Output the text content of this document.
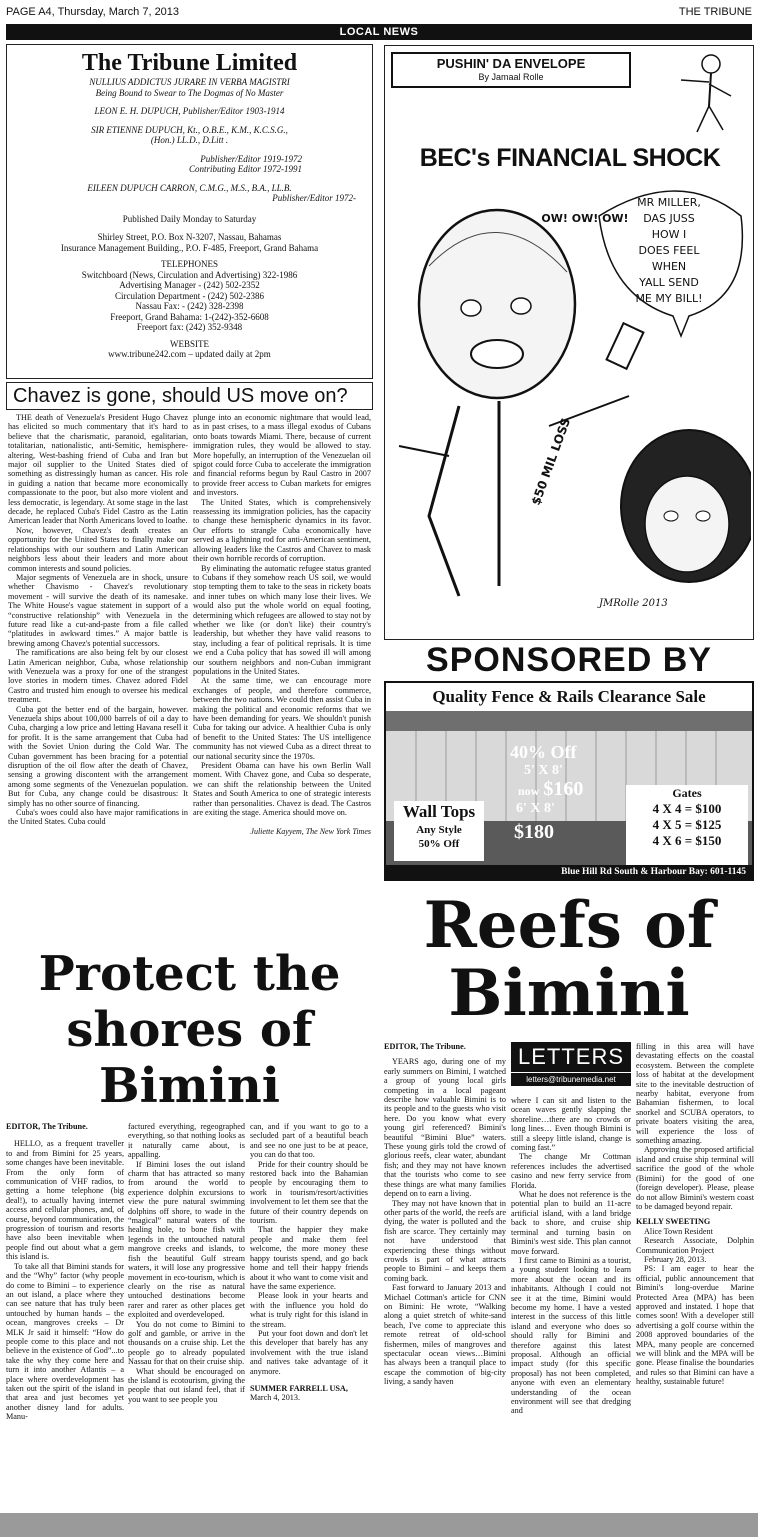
PAGE A4, Thursday, March 7, 2013	THE TRIBUNE
LOCAL NEWS
The Tribune Limited

NULLIUS ADDICTUS JURARE IN VERBA MAGISTRI

Being Bound to Swear to The Dogmas of No Master

LEON E. H. DUPUCH, Publisher/Editor 1903-1914

SIR ETIENNE DUPUCH, Kt., O.B.E., K.M., K.C.S.G.,

(Hon.) LL.D., D.Litt .

Publisher/Editor 1919-1972

Contributing Editor 1972-1991

EILEEN DUPUCH CARRON, C.M.G., M.S., B.A., LL.B.

Publisher/Editor 1972-

Published Daily Monday to Saturday

Shirley Street, P.O. Box N-3207, Nassau, Bahamas

Insurance Management Building., P.O. F-485, Freeport, Grand Bahama

TELEPHONES

Switchboard (News, Circulation and Advertising) 322-1986

Advertising Manager - (242) 502-2352

Circulation Department - (242) 502-2386

Nassau Fax: - (242) 328-2398

Freeport, Grand Bahama: 1-(242)-352-6608

Freeport fax: (242) 352-9348

WEBSITE

www.tribune242.com – updated daily at 2pm

Chavez is gone, should US move on?

THE death of Venezuela's President Hugo Chavez has elicited so much commentary that it's hard to believe that the charismatic, paranoid, egalitarian, totalitarian, nationalistic, anti-Semitic, hemisphere-altering, West-bashing friend of Cuba and Iran but major oil supplier to the United States died of something as distressingly human as cancer. His role in guiding a nation that became more economically compassionate to the poor, but also more violent and less democratic, is legendary. At some stage in the last decade, he replaced Cuba's Fidel Castro as the Latin American leader that North Americans loved to loathe.

Now, however, Chavez's death creates an opportunity for the United States to finally make our relationships with our southern and Latin American neighbors less about their leaders and more about common interests and sound policies.

Major segments of Venezuela are in shock, unsure whether Chavismo - Chavez's revolutionary movement - will survive the death of its namesake. The White House's vague statement in support of a “constructive relationship” with Venezuela in the future read like a cut-and-paste from a file called “platitudes in awkward times.” A major battle is brewing among Chavez's potential successors.

The ramifications are also being felt by our closest Latin American neighbor, Cuba, whose relationship with Venezuela was a proxy for one of the strangest love stories in modern times. Chavez adored Fidel Castro and trusted him enough to oversee his medical treatment.

Cuba got the better end of the bargain, however. Venezuela ships about 100,000 barrels of oil a day to Cuba, charging a low price and letting Havana resell it for profit. It is the same arrangement that Cuba had with the Soviet Union during the Cold War. The Cuban government has been bracing for a potential disruption of the oil flow after the death of Chavez, sensing a growing discontent with the arrangement among some segments of the Venezuelan population. But for Cuba, any change could be disastrous: It simply has no other source of financing.

Cuba's woes could also have major ramifications in the United States. Cuba could

plunge into an economic nightmare that would lead, as in past crises, to a mass illegal exodus of Cubans onto boats towards Miami. There, because of current immigration rules, they would be allowed to stay. More hopefully, an interruption of the Venezuelan oil spigot could force Cuba to accelerate the immigration and financial reforms begun by Raul Castro in 2007 to provide freer access to Cuban markets for emigres and investors.

The United States, which is comprehensively reassessing its immigration policies, has the capacity to change these hemispheric dynamics in its favor. Our efforts to strangle Cuba economically have served as a lightning rod for anti-American sentiment, allowing leaders like the Castros and Chavez to mask their own horrible records of corruption.

By eliminating the automatic refugee status granted to Cubans if they somehow reach US soil, we would stop tempting them to take to the seas in rickety boats and inner tubes on which many lose their lives. We would also put the whole world on equal footing, determining which refugees are allowed to stay not by whether we like (or don't like) their country's leadership, but whether they have valid reasons to stay, including a fear of political reprisals. It is time we end a Cuba policy that has sowed ill will among our southern neighbors and non-Cuban immigrant populations in the United States.

At the same time, we can encourage more exchanges of people, and therefore commerce, between the two nations. We could then assist Cuba in making the political and economic reforms that we have been demanding for years. We shouldn't punish Cuba for taking our advice. A healthier Cuba is only of benefit to the United States: The US intelligence community has not viewed Cuba as a direct threat to our national security since the 1970s.

President Obama can have his own Berlin Wall moment. With Chavez gone, and Cuba so desperate, we can shift the relationship between the United States and South America to one of strategic interests rather than personalities. Chavez is dead. The Castros are exiting the stage. America should move on.

Juliette Kayyem, The New York Times
PUSHIN' DA ENVELOPE
By Jamaal Rolle
BEC's FINANCIAL SHOCK
MR MILLER,
DAS JUSS
HOW I
DOES FEEL
WHEN
YALL SEND
ME MY BILL!
OW! OW! OW!
$50 MIL LOSS
JMRolle 2013
SPONSORED BY
Quality Fence & Rails Clearance Sale
40% Off
5' X 8'
now $160
6' X 8'
$180
Wall Tops
Any Style
50% Off
Gates
4 X 4 = $100
4 X 5 = $125
4 X 6 = $150
Blue Hill Rd South & Harbour Bay: 601-1145
Reefs of
Bimini
Protect the
shores of
Bimini

EDITOR, The Tribune.

HELLO, as a frequent traveller to and from Bimini for 25 years, some changes have been inevitable. From the only form of communication of VHF radios, to getting a home telephone (big deal!), to actually having internet access and cellular phones, and, of course, beyond communication, the progression of tourism and resorts have also been inevitable when people find out about what a gem this island is.

To take all that Bimini stands for and the “Why” factor (why people do come to Bimini – to experience an out island, a place where they can see nature that has truly been untouched by human hands – the ocean, mangroves creeks – Dr MLK Jr said it himself: “How do people come to this place and not believe in the existence of God”...to take the why they come here and turn it into another Atlantis – a place where overdevelopment has taken out the spirit of the island in that area and just becomes yet another disney land for adults. Manu-

factured everything, regeographed everything, so that nothing looks as it naturally came about, is appalling.

If Bimini loses the out island charm that has attracted so many from around the world to experience dolphin excursions to view the pure natural swimming dolphins off shore, to wade in the “magical” natural waters of the healing hole, to bone fish with legends in the untouched natural mangrove creeks and islands, to fish the beautiful Gulf stream waters, it will lose any progressive movement in eco-tourism, which is clearly on the rise as natural untouched destinations become rarer and rarer as other places get exploited and overdeveloped.

You do not come to Bimini to golf and gamble, or arrive in the thousands on a cruise ship. Let the people go to already populated Nassau for that on their cruise ship.

What should be encouraged on the island is ecotourism, giving the people that out island feel, that if you want to see people you

can, and if you want to go to a secluded part of a beautiful beach and see no one just to be at peace, you can do that too.

Pride for their country should be restored back into the Bahamian people by encouraging them to work in tourism/resort/activities involvement to let them see that the future of their country depends on tourism.

That the happier they make people and make them feel welcome, the more money these happy tourists spend, and go back home and tell their happy friends about it who want to come visit and have the same experience.

Please look in your hearts and with the influence you hold do what is truly right for this island in the stream.

Put your foot down and don't let this developer that barely has any involvement with the true island and natives take advantage of it anymore.

SUMMER FARRELL USA,

March 4, 2013.

EDITOR, The Tribune.

YEARS ago, during one of my early summers on Bimini, I watched a group of young local girls competing in a local pageant describe how valuable Bimini is to its people and to the guests who visit here. Do you know what every young girl referenced? Bimini's beautiful “Bimini Blue” waters. These young girls told the crowd of glorious reefs, clear water, abundant fish; and they may not have known that the tourists who come to see these things are what many families depend on to earn a living.

They may not have known that in other parts of the world, the reefs are dying, the water is polluted and the fish are scarce. They certainly may not have understood that experiencing these things without crowds is part of what attracts people to Bimini – and keeps them coming back.

Fast forward to January 2013 and Michael Cottman's article for CNN on Bimini: He wrote, “Walking along a quiet stretch of white-sand beach, I've come to appreciate this remote retreat of old-school fishermen, miles of mangroves and spectacular ocean views…Bimini has always been a tranquil place to escape the commotion of big-city living, a sandy haven

LETTERS
letters@tribunemedia.net

where I can sit and listen to the ocean waves gently slapping the shoreline…there are no crowds or long lines… Even though Bimini is still a sleepy little island, change is coming fast.”

The change Mr Cottman references includes the advertised casino and new ferry service from Florida.

What he does not reference is the potential plan to build an 11-acre artificial island, with a land bridge back to shore, and cruise ship terminal and turning basin on Bimini's west side. This plan cannot move forward.

I first came to Bimini as a tourist, a young student looking to learn more about the ocean and its inhabitants. Although I could not see it at the time, Bimini would become my home. I have a vested interest in the success of this little island and everyone who does so should rally for Bimini and therefore against this latest proposal. Although an official impact study (for this specific proposal) has not been completed, anyone with even an elementary understanding of the ocean environment will see that dredging and

filling in this area will have devastating effects on the coastal ecosystem. Between the complete loss of habitat at the development site to the inevitable destruction of nearby habitat, everyone from Bahamian fishermen, to local snorkel and SCUBA operators, to private boaters visiting the area, will experience the loss of something amazing.

Approving the proposed artificial island and cruise ship terminal will sacrifice the good of the whole (Bimini) for the good of one (foreign developer). Please, please do not allow Bimini's western coast to be damaged beyond repair.

KELLY SWEETING

Alice Town Resident

Research Associate, Dolphin Communication Project

February 28, 2013.

PS: I am eager to hear the official, public announcement that Bimini's long-overdue Marine Protected Area (MPA) has been approved and instated. I hope that comes soon! With a developer still advertising a golf course within the 2008 approved boundaries of the MPA, many people are concerned we will blink and the MPA will be gone. Please finalise the boundaries and rules so that Bimini can have a healthy, sustainable future!
